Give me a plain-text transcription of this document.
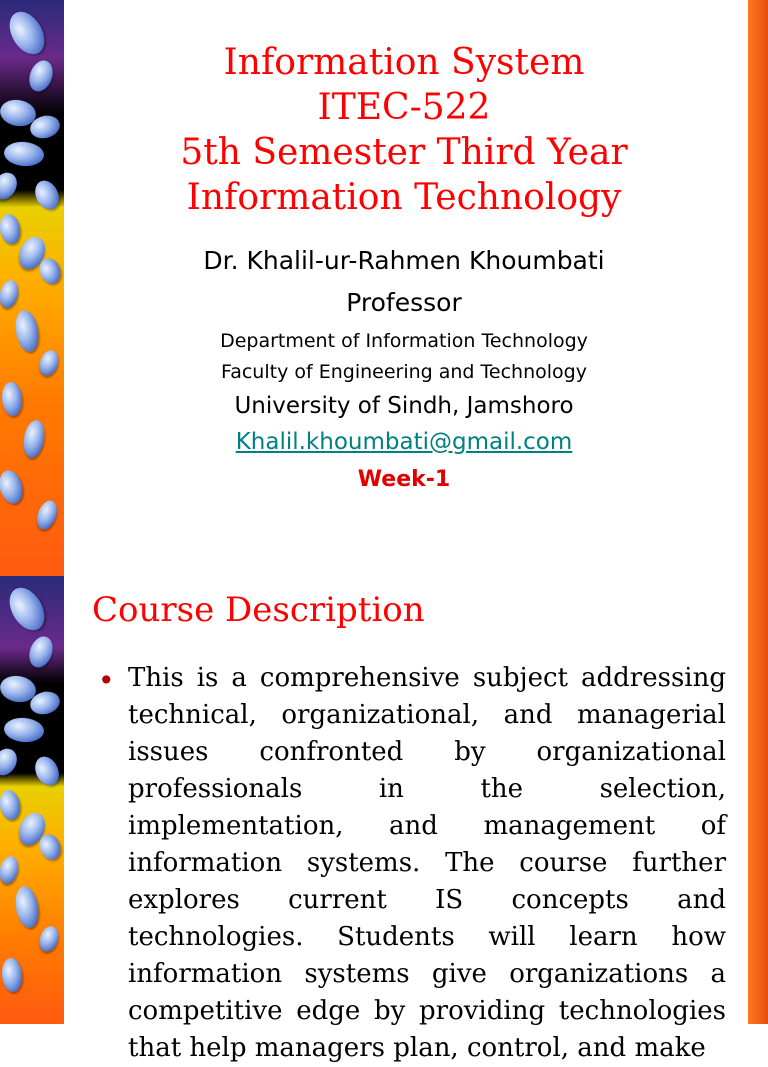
Information System
ITEC-522
5th Semester Third Year
Information Technology
Dr. Khalil-ur-Rahmen Khoumbati
Professor
Department of Information Technology
Faculty of Engineering and Technology
University of Sindh, Jamshoro
Khalil.khoumbati@gmail.com
Week-1
Course Description
• This is a comprehensive subject addressing technical, organizational, and managerial issues confronted by organizational professionals in the selection, implementation, and management of information systems. The course further explores current IS concepts and technologies. Students will learn how information systems give organizations a competitive edge by providing technologies that help managers plan, control, and make
